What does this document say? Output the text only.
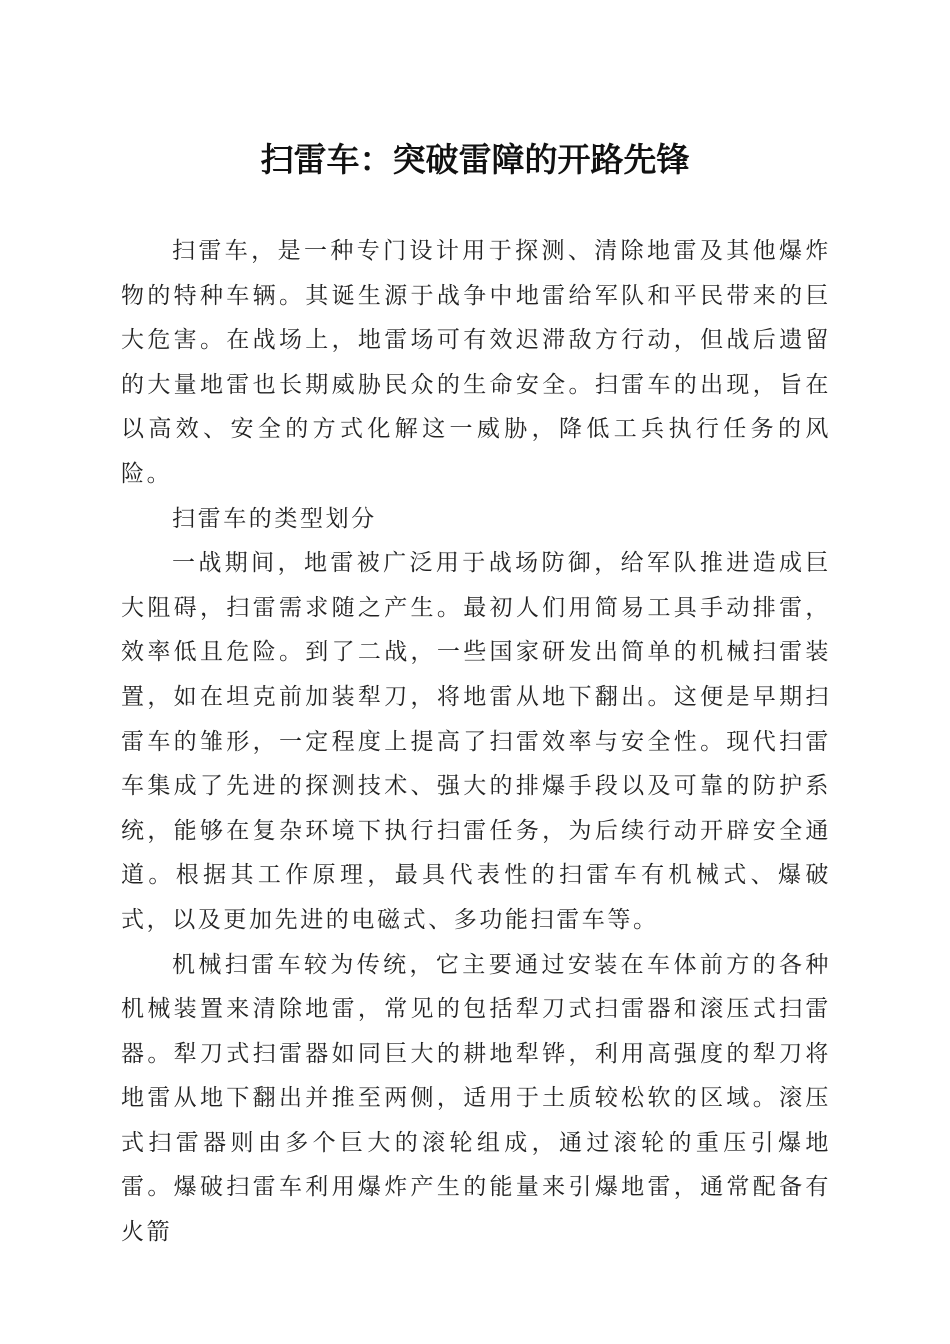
扫雷车：突破雷障的开路先锋

扫雷车，是一种专门设计用于探测、清除地雷及其他爆炸物的特种车辆。其诞生源于战争中地雷给军队和平民带来的巨大危害。在战场上，地雷场可有效迟滞敌方行动，但战后遗留的大量地雷也长期威胁民众的生命安全。扫雷车的出现，旨在以高效、安全的方式化解这一威胁，降低工兵执行任务的风险。

扫雷车的类型划分

一战期间，地雷被广泛用于战场防御，给军队推进造成巨大阻碍，扫雷需求随之产生。最初人们用简易工具手动排雷，效率低且危险。到了二战，一些国家研发出简单的机械扫雷装置，如在坦克前加装犁刀，将地雷从地下翻出。这便是早期扫雷车的雏形，一定程度上提高了扫雷效率与安全性。现代扫雷车集成了先进的探测技术、强大的排爆手段以及可靠的防护系统，能够在复杂环境下执行扫雷任务，为后续行动开辟安全通道。根据其工作原理，最具代表性的扫雷车有机械式、爆破式，以及更加先进的电磁式、多功能扫雷车等。

机械扫雷车较为传统，它主要通过安装在车体前方的各种机械装置来清除地雷，常见的包括犁刀式扫雷器和滚压式扫雷器。犁刀式扫雷器如同巨大的耕地犁铧，利用高强度的犁刀将地雷从地下翻出并推至两侧，适用于土质较松软的区域。滚压式扫雷器则由多个巨大的滚轮组成，通过滚轮的重压引爆地雷。爆破扫雷车利用爆炸产生的能量来引爆地雷，通常配备有火箭
